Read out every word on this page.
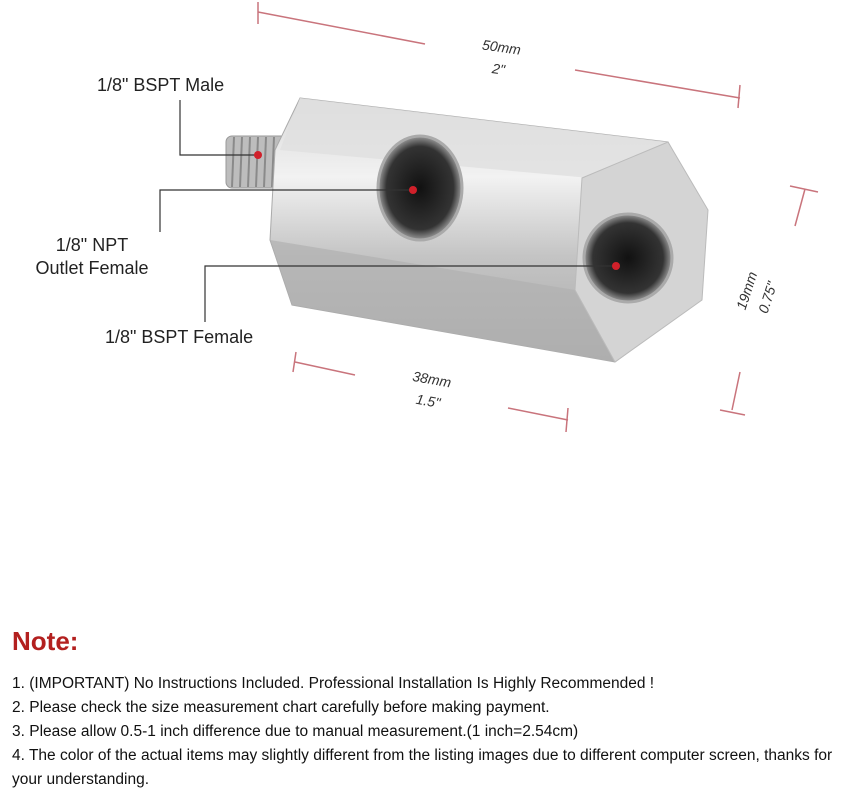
1/8" BSPT Male
1/8" NPT
Outlet Female
1/8" BSPT Female
50mm
2"
38mm
1.5"
19mm
0.75"
Note:
1. (IMPORTANT) No Instructions Included. Professional Installation Is Highly Recommended !
2. Please check the size measurement chart carefully before making payment.
3. Please allow 0.5-1 inch difference due to manual measurement.(1 inch=2.54cm)
4. The color of the actual items may slightly different from the listing images due to different computer screen, thanks for your understanding.
